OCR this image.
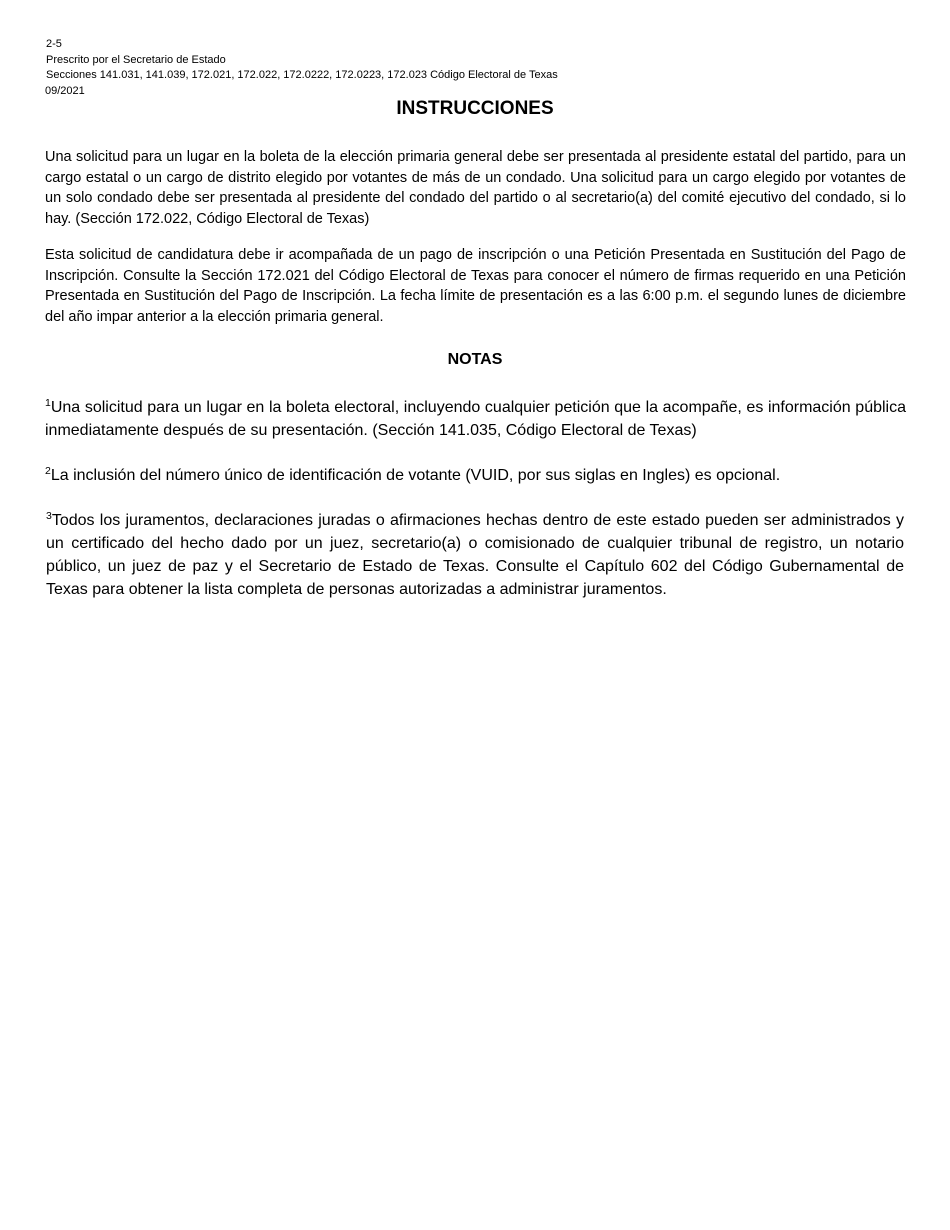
2-5
Prescrito por el Secretario de Estado
Secciones 141.031, 141.039, 172.021, 172.022, 172.0222, 172.0223, 172.023 Código Electoral de Texas
09/2021
INSTRUCCIONES
Una solicitud para un lugar en la boleta de la elección primaria general debe ser presentada al presidente estatal del partido, para un cargo estatal o un cargo de distrito elegido por votantes de más de un condado. Una solicitud para un cargo elegido por votantes de un solo condado debe ser presentada al presidente del condado del partido o al secretario(a) del comité ejecutivo del condado, si lo hay. (Sección 172.022, Código Electoral de Texas)
Esta solicitud de candidatura debe ir acompañada de un pago de inscripción o una Petición Presentada en Sustitución del Pago de Inscripción. Consulte la Sección 172.021 del Código Electoral de Texas para conocer el número de firmas requerido en una Petición Presentada en Sustitución del Pago de Inscripción. La fecha límite de presentación es a las 6:00 p.m. el segundo lunes de diciembre del año impar anterior a la elección primaria general.
NOTAS
$^1$Una solicitud para un lugar en la boleta electoral, incluyendo cualquier petición que la acompañe, es información pública inmediatamente después de su presentación. (Sección 141.035, Código Electoral de Texas)
$^2$La inclusión del número único de identificación de votante (VUID, por sus siglas en Ingles) es opcional.
$^3$Todos los juramentos, declaraciones juradas o afirmaciones hechas dentro de este estado pueden ser administrados y un certificado del hecho dado por un juez, secretario(a) o comisionado de cualquier tribunal de registro, un notario público, un juez de paz y el Secretario de Estado de Texas. Consulte el Capítulo 602 del Código Gubernamental de Texas para obtener la lista completa de personas autorizadas a administrar juramentos.
